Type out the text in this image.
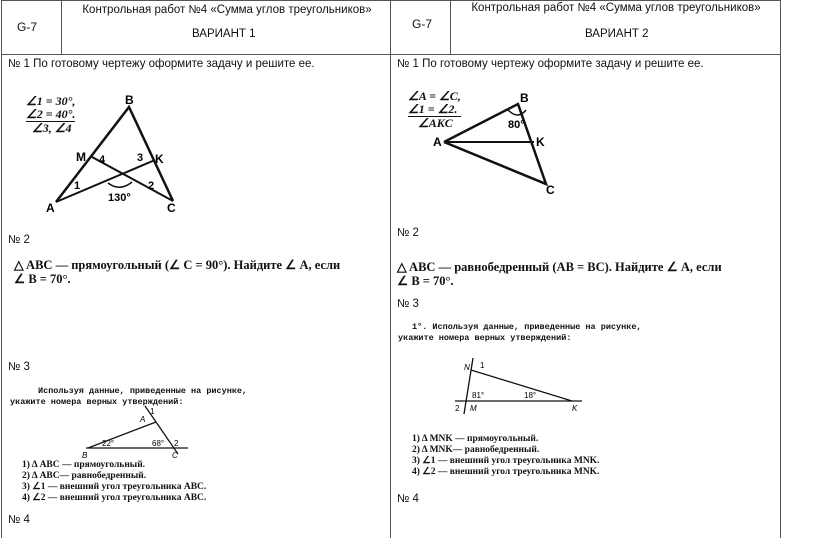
G-7
Контрольная работ №4 «Сумма углов треугольников»
ВАРИАНТ 1
G-7
Контрольная работ №4 «Сумма углов треугольников»
ВАРИАНТ 2
№ 1 По готовому чертежу оформите задачу и решите ее.
∠1 = 30°,
∠2 = 40°.
∠3, ∠4
B
A	C
M	K
1	2
3
4
130°
№ 2
△ ABC — прямоугольный (∠ C = 90°). Найдите ∠ A, если
∠ B = 70°.
№ 3
Используя данные, приведенные на рисунке,
укажите номера верных утверждений:
B	C
A
1
2
22°	68°
1) Δ ABC — прямоугольный.
2) Δ ABC— равнобедренный.
3) ∠1 — внешний угол треугольника ABC.
4) ∠2 — внешний угол треугольника ABC.
№ 4
№ 1 По готовому чертежу оформите задачу и решите ее.
∠A = ∠C,
∠1 = ∠2.
∠AKC
B
A
C
K
80°
№ 2
△ ABC — равнобедренный (AB = BC). Найдите ∠ A, если
∠ B = 70°.
№ 3
1°. Используя данные, приведенные на рисунке,
укажите номера верных утверждений:
N
M	K
1
2
81°	18°
1) Δ MNK — прямоугольный.
2) Δ MNK— равнобедренный.
3) ∠1 — внешний угол треугольника MNK.
4) ∠2 — внешний угол треугольника MNK.
№ 4
